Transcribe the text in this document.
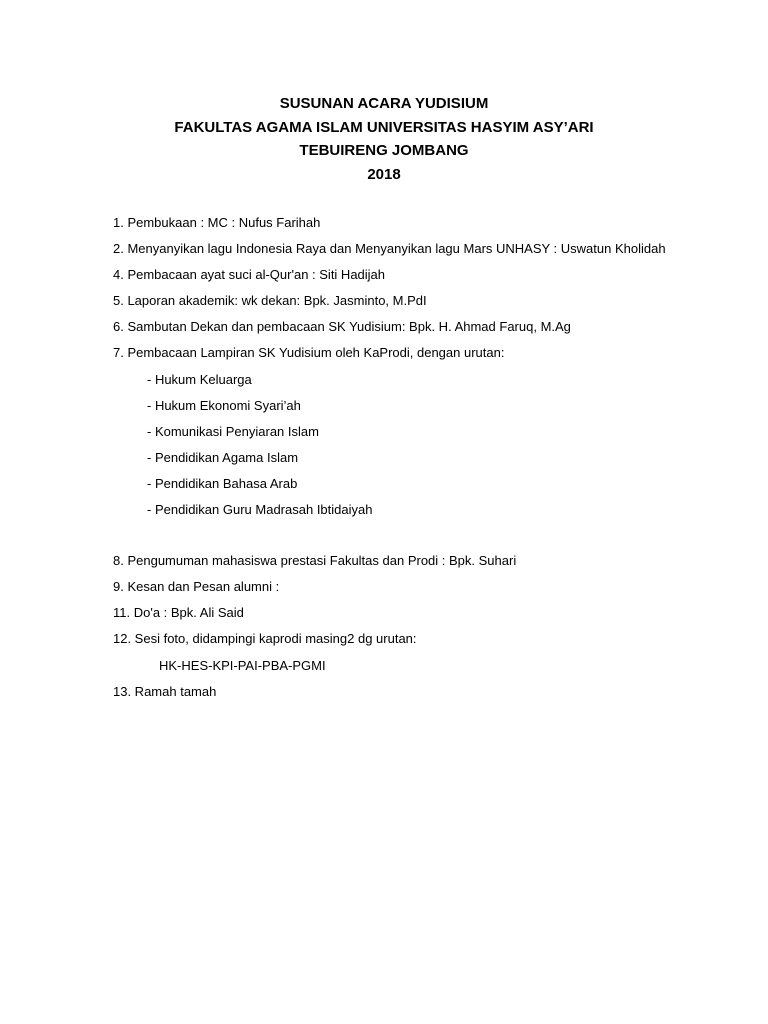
SUSUNAN ACARA YUDISIUM
FAKULTAS AGAMA ISLAM UNIVERSITAS HASYIM ASY’ARI
TEBUIRENG JOMBANG
2018
1. Pembukaan : MC : Nufus Farihah
2. Menyanyikan lagu Indonesia Raya dan Menyanyikan lagu Mars UNHASY : Uswatun Kholidah
4. Pembacaan ayat suci al-Qur'an : Siti Hadijah
5. Laporan akademik: wk dekan: Bpk. Jasminto, M.PdI
6. Sambutan Dekan dan pembacaan SK Yudisium: Bpk. H. Ahmad Faruq, M.Ag
7. Pembacaan Lampiran SK Yudisium oleh KaProdi, dengan urutan:
- Hukum Keluarga
- Hukum Ekonomi Syari’ah
- Komunikasi Penyiaran Islam
- Pendidikan Agama Islam
- Pendidikan Bahasa Arab
- Pendidikan Guru Madrasah Ibtidaiyah
8. Pengumuman mahasiswa prestasi Fakultas dan Prodi : Bpk. Suhari
9. Kesan dan Pesan alumni :
11. Do'a : Bpk. Ali Said
12. Sesi foto, didampingi kaprodi masing2 dg urutan:
HK-HES-KPI-PAI-PBA-PGMI
13. Ramah tamah
